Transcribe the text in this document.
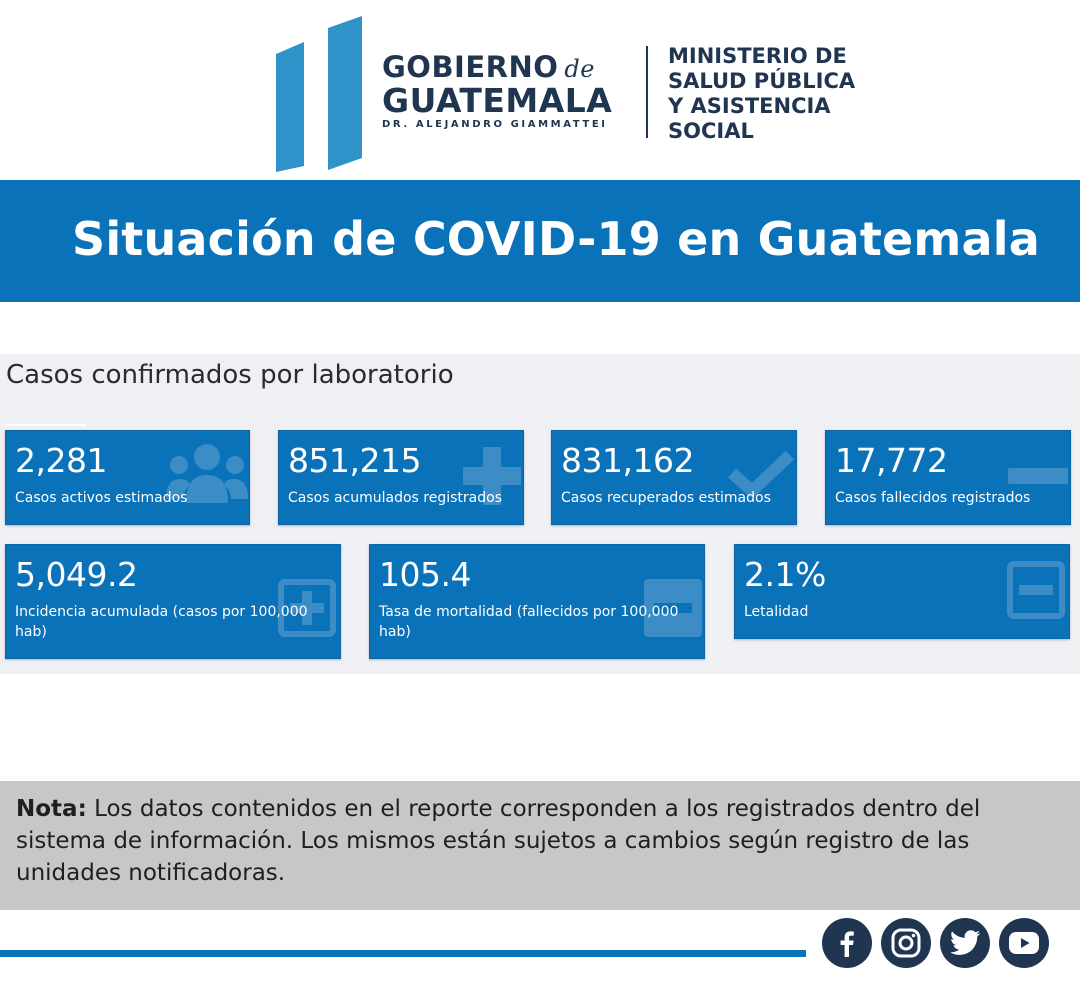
GOBIERNO de
GUATEMALA
DR. ALEJANDRO GIAMMATTEI
MINISTERIO DE
SALUD PÚBLICA
Y ASISTENCIA
SOCIAL
Situación de COVID-19 en Guatemala
Casos confirmados por laboratorio
2,281
Casos activos estimados
851,215
Casos acumulados registrados
831,162
Casos recuperados estimados
17,772
Casos fallecidos registrados
5,049.2
Incidencia acumulada (casos por 100,000 hab)
105.4
Tasa de mortalidad (fallecidos por 100,000 hab)
2.1%
Letalidad

Nota: Los datos contenidos en el reporte corresponden a los registrados dentro del sistema de información. Los mismos están sujetos a cambios según registro de las unidades notificadoras.
